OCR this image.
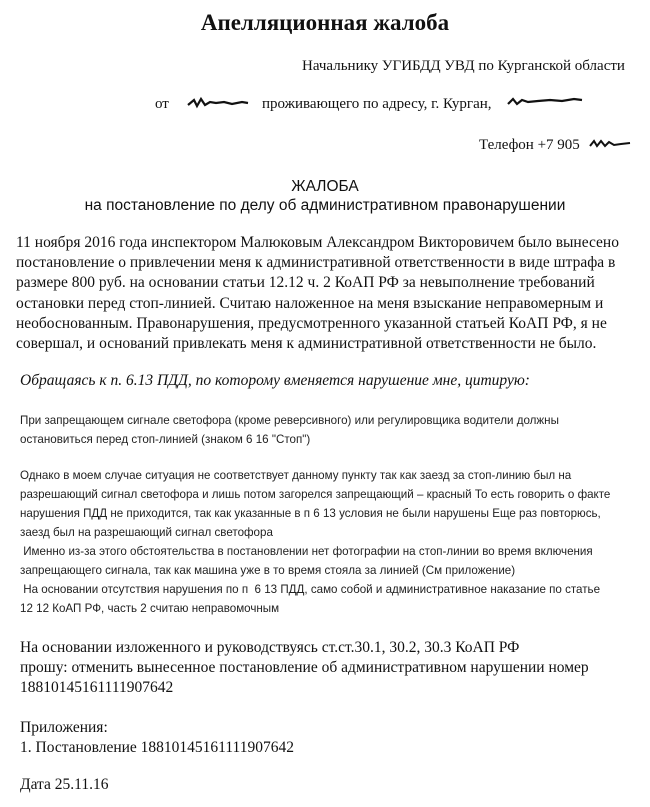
Апелляционная жалоба
Начальнику УГИБДД УВД по Курганской области
от	проживающего по адресу, г. Курган,
Телефон +7 905
ЖАЛОБА
на постановление по делу об административном правонарушении
11 ноября 2016 года инспектором Малюковым Александром Викторовичем было вынесено
постановление о привлечении меня к административной ответственности в виде штрафа в
размере 800 руб. на основании статьи 12.12 ч. 2 КоАП РФ за невыполнение требований
остановки перед стоп-линией. Считаю наложенное на меня взыскание неправомерным и
необоснованным. Правонарушения, предусмотренного указанной статьей КоАП РФ, я не
совершал, и оснований привлекать меня к административной ответственности не было.
Обращаясь к п. 6.13 ПДД, по которому вменяется нарушение мне, цитирую:
При запрещающем сигнале светофора (кроме реверсивного) или регулировщика водители должны
остановиться перед стоп-линией (знаком 6 16 "Стоп")
Однако в моем случае ситуация не соответствует данному пункту так как заезд за стоп-линию был на
разрешающий сигнал светофора и лишь потом загорелся запрещающий – красный То есть говорить о факте
нарушения ПДД не приходится, так как указанные в п 6 13 условия не были нарушены Еще раз повторюсь,
заезд был на разрешающий сигнал светофора
Именно из-за этого обстоятельства в постановлении нет фотографии на стоп-линии во время включения
запрещающего сигнала, так как машина уже в то время стояла за линией (См приложение)
На основании отсутствия нарушения по п  6 13 ПДД, само собой и административное наказание по статье
12 12 КоАП РФ, часть 2 считаю неправомочным
На основании изложенного и руководствуясь ст.ст.30.1, 30.2, 30.3 КоАП РФ
прошу: отменить вынесенное постановление об административном нарушении номер
18810145161111907642
Приложения:
1. Постановление 18810145161111907642
Дата 25.11.16
